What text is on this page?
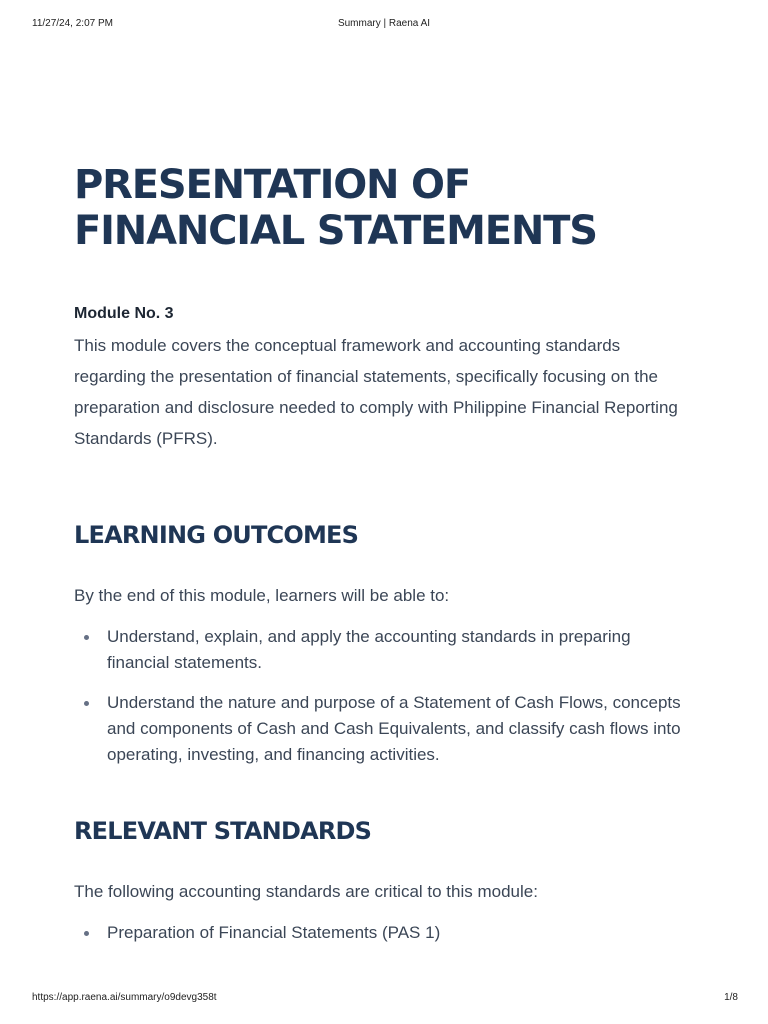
11/27/24, 2:07 PM	Summary | Raena AI
PRESENTATION OF
FINANCIAL STATEMENTS

Module No. 3

This module covers the conceptual framework and accounting standards regarding the presentation of financial statements, specifically focusing on the preparation and disclosure needed to comply with Philippine Financial Reporting Standards (PFRS).

LEARNING OUTCOMES

By the end of this module, learners will be able to:

Understand, explain, and apply the accounting standards in preparing financial statements.
Understand the nature and purpose of a Statement of Cash Flows, concepts and components of Cash and Cash Equivalents, and classify cash flows into operating, investing, and financing activities.
RELEVANT STANDARDS

The following accounting standards are critical to this module:

Preparation of Financial Statements (PAS 1)
https://app.raena.ai/summary/o9devg358t	1/8
